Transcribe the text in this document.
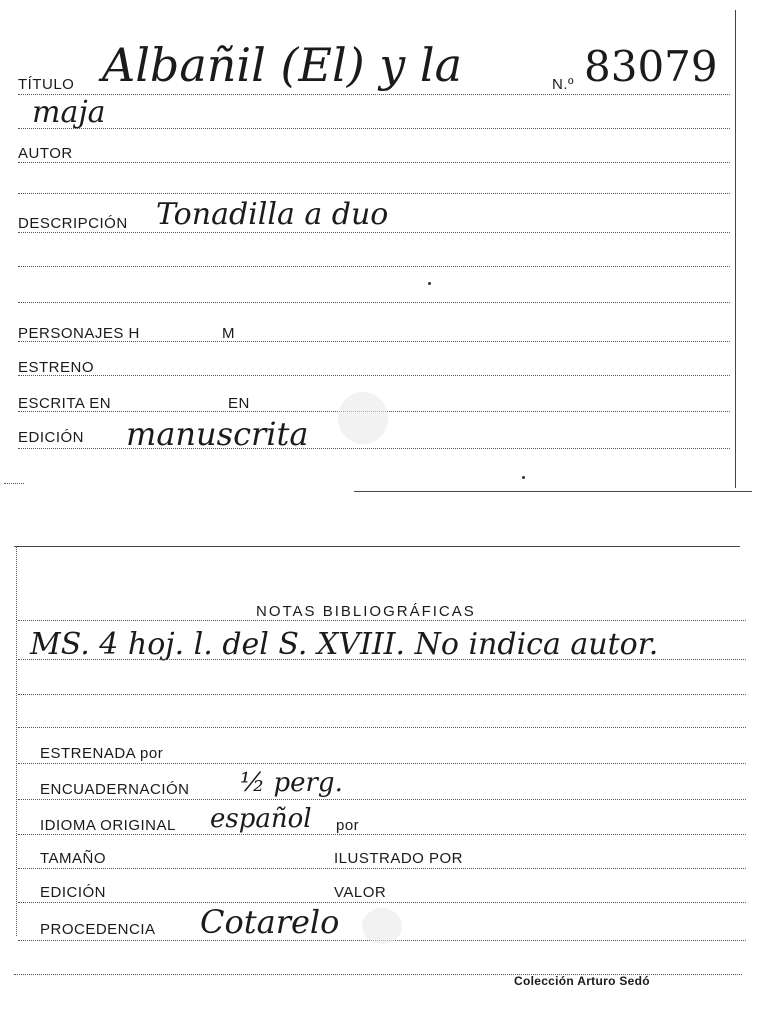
TÍTULO Albañil (El) y la	N.º 83079
maja
AUTOR
DESCRIPCIÓN Tonadilla a duo
PERSONAJES H	M
ESTRENO
ESCRITA EN	EN
EDICIÓN manuscrita
NOTAS BIBLIOGRÁFICAS
MS. 4 hoj. l. del S. XVIII. No indica autor.
ESTRENADA por
ENCUADERNACIÓN ½ perg.
IDIOMA ORIGINAL español por
TAMAÑO	ILUSTRADO POR
EDICIÓN	VALOR
PROCEDENCIA Cotarelo
Colección Arturo Sedó
